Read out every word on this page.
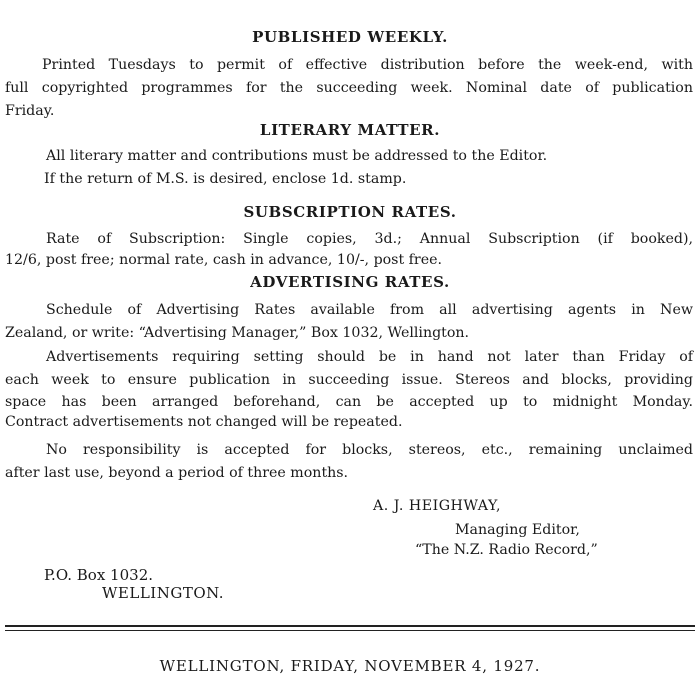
PUBLISHED WEEKLY.
Printed Tuesdays to permit of effective distribution before the week-end, with
full copyrighted programmes for the succeeding week. Nominal date of publication
Friday.
LITERARY MATTER.
All literary matter and contributions must be addressed to the Editor.
If the return of M.S. is desired, enclose 1d. stamp.
SUBSCRIPTION RATES.
Rate of Subscription: Single copies, 3d.; Annual Subscription (if booked),
12/6, post free; normal rate, cash in advance, 10/-, post free.
ADVERTISING RATES.
Schedule of Advertising Rates available from all advertising agents in New
Zealand, or write: “Advertising Manager,” Box 1032, Wellington.
Advertisements requiring setting should be in hand not later than Friday of
each week to ensure publication in succeeding issue. Stereos and blocks, providing
space has been arranged beforehand, can be accepted up to midnight Monday.
Contract advertisements not changed will be repeated.
No responsibility is accepted for blocks, stereos, etc., remaining unclaimed
after last use, beyond a period of three months.
A. J. HEIGHWAY,
Managing Editor,
“The N.Z. Radio Record,”
P.O. Box 1032.
WELLINGTON.
WELLINGTON, FRIDAY, NOVEMBER 4, 1927.
